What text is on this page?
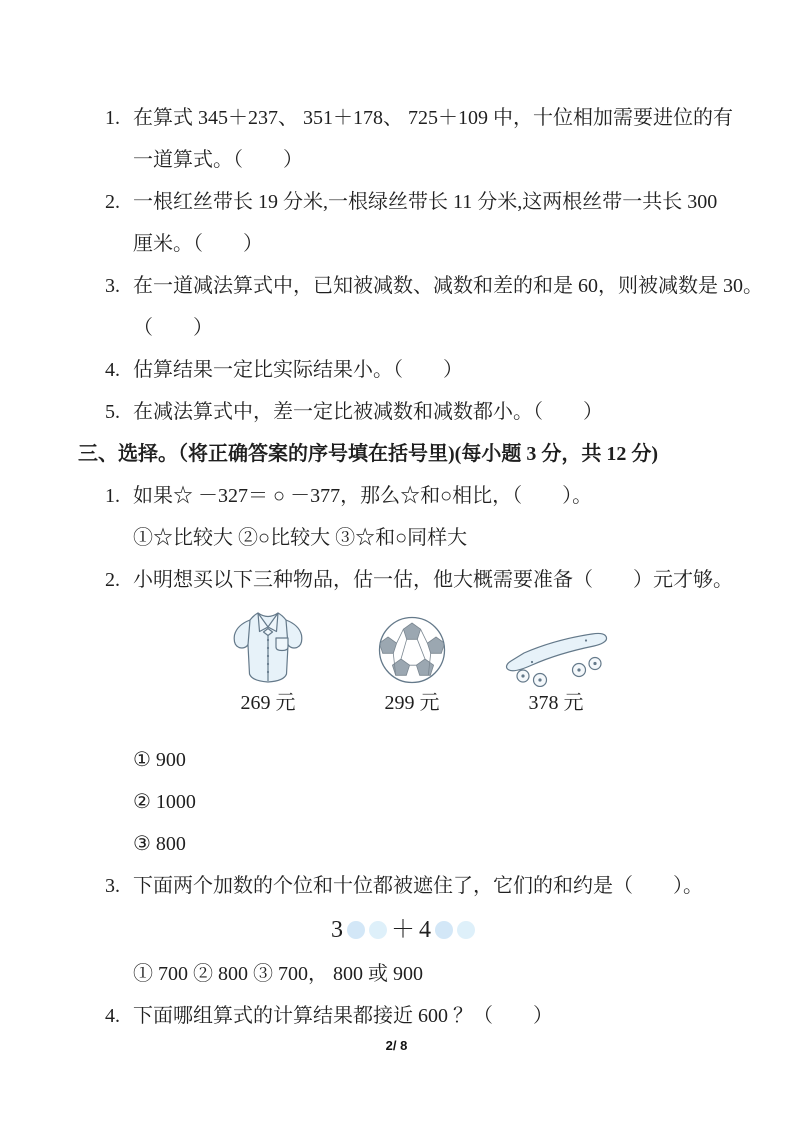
1. 在算式 345＋237、 351＋178、 725＋109 中，十位相加需要进位的有
一道算式。（　　）
2. 一根红丝带长 19 分米,一根绿丝带长 11 分米,这两根丝带一共长 300
厘米。（　　）
3. 在一道减法算式中，已知被减数、减数和差的和是 60，则被减数是 30。
（　　）
4. 估算结果一定比实际结果小。（　　）
5. 在减法算式中，差一定比被减数和减数都小。（　　）
三、选择。（将正确答案的序号填在括号里)(每小题 3 分，共 12 分)
1. 如果☆ －327＝ ○ －377，那么☆和○相比，（　　）。
①☆比较大 ②○比较大 ③☆和○同样大
2. 小明想买以下三种物品，估一估，他大概需要准备（　　）元才够。
269 元	299 元	378 元
① 900
② 1000
③ 800
3. 下面两个加数的个位和十位都被遮住了，它们的和约是（　　）。
3 ＋ 4
① 700 ② 800 ③ 700， 800 或 900
4. 下面哪组算式的计算结果都接近 600 ？（　　）
2/ 8
